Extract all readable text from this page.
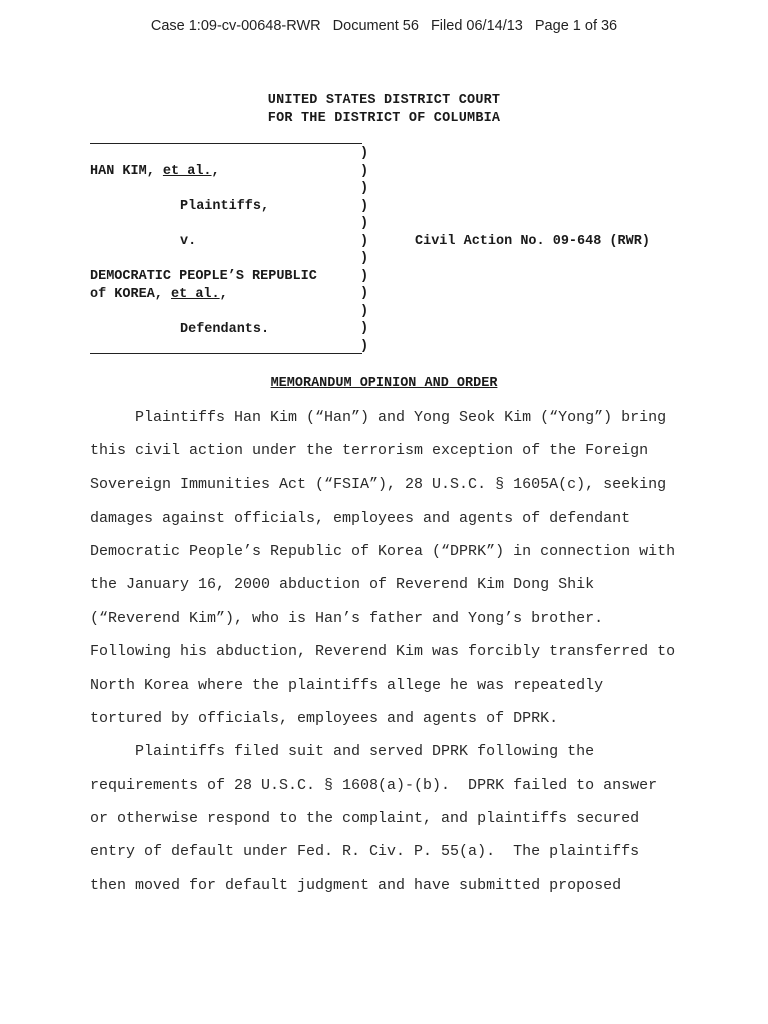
Case 1:09-cv-00648-RWR Document 56 Filed 06/14/13 Page 1 of 36
UNITED STATES DISTRICT COURT
FOR THE DISTRICT OF COLUMBIA
HAN KIM, et al.,
Plaintiffs,
v.
DEMOCRATIC PEOPLE’S REPUBLIC
of KOREA, et al.,
Defendants.
Civil Action No. 09-648 (RWR)
)
)
)
)
)
)
)
)
)
)
)
)
MEMORANDUM OPINION AND ORDER
Plaintiffs Han Kim (“Han”) and Yong Seok Kim (“Yong”) bring
this civil action under the terrorism exception of the Foreign
Sovereign Immunities Act (“FSIA”), 28 U.S.C. § 1605A(c), seeking
damages against officials, employees and agents of defendant
Democratic People’s Republic of Korea (“DPRK”) in connection with
the January 16, 2000 abduction of Reverend Kim Dong Shik
(“Reverend Kim”), who is Han’s father and Yong’s brother.
Following his abduction, Reverend Kim was forcibly transferred to
North Korea where the plaintiffs allege he was repeatedly
tortured by officials, employees and agents of DPRK.
Plaintiffs filed suit and served DPRK following the
requirements of 28 U.S.C. § 1608(a)-(b).  DPRK failed to answer
or otherwise respond to the complaint, and plaintiffs secured
entry of default under Fed. R. Civ. P. 55(a).  The plaintiffs
then moved for default judgment and have submitted proposed
